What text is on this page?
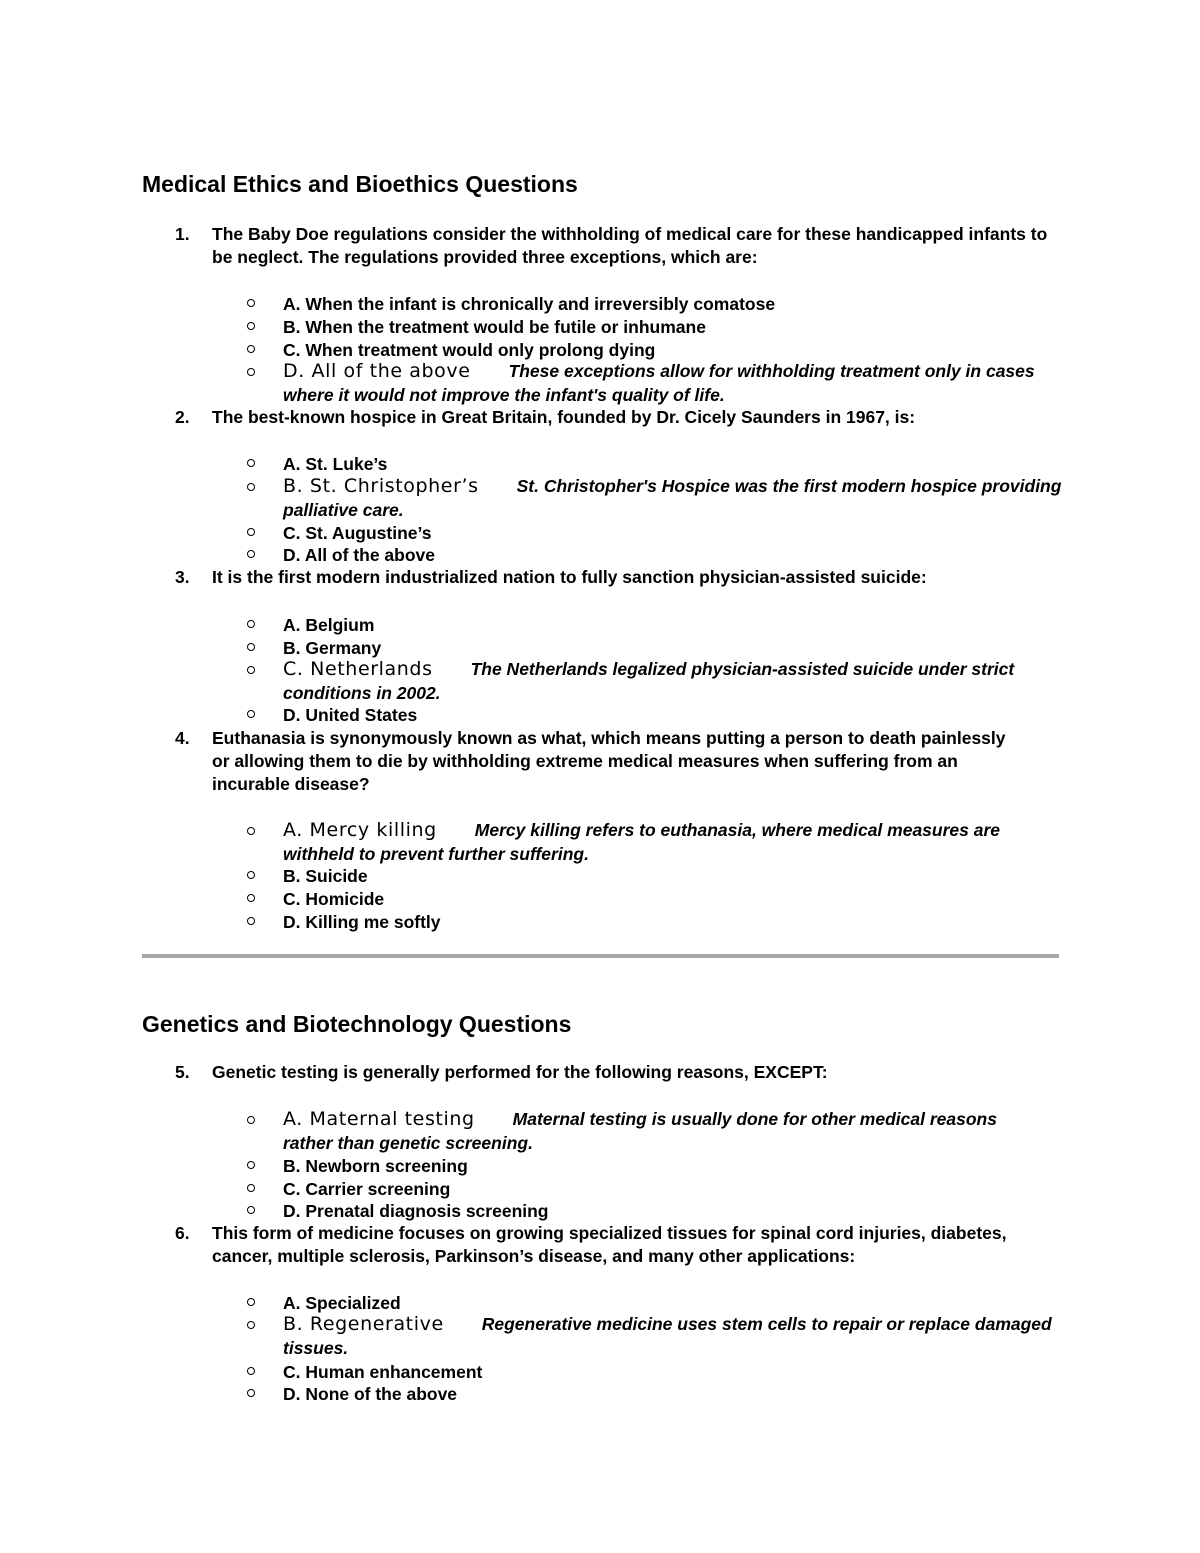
Medical Ethics and Bioethics Questions
1. The Baby Doe regulations consider the withholding of medical care for these handicapped infants to be neglect. The regulations provided three exceptions, which are:
A. When the infant is chronically and irreversibly comatose
B. When the treatment would be futile or inhumane
C. When treatment would only prolong dying
D. All of the above These exceptions allow for withholding treatment only in cases where it would not improve the infant's quality of life.
2. The best-known hospice in Great Britain, founded by Dr. Cicely Saunders in 1967, is:
A. St. Luke’s
B. St. Christopher’s St. Christopher's Hospice was the first modern hospice providing palliative care.
C. St. Augustine’s
D. All of the above
3. It is the first modern industrialized nation to fully sanction physician-assisted suicide:
A. Belgium
B. Germany
C. Netherlands The Netherlands legalized physician-assisted suicide under strict conditions in 2002.
D. United States
4. Euthanasia is synonymously known as what, which means putting a person to death painlessly or allowing them to die by withholding extreme medical measures when suffering from an incurable disease?
A. Mercy killing Mercy killing refers to euthanasia, where medical measures are withheld to prevent further suffering.
B. Suicide
C. Homicide
D. Killing me softly
Genetics and Biotechnology Questions
5. Genetic testing is generally performed for the following reasons, EXCEPT:
A. Maternal testing Maternal testing is usually done for other medical reasons rather than genetic screening.
B. Newborn screening
C. Carrier screening
D. Prenatal diagnosis screening
6. This form of medicine focuses on growing specialized tissues for spinal cord injuries, diabetes, cancer, multiple sclerosis, Parkinson’s disease, and many other applications:
A. Specialized
B. Regenerative Regenerative medicine uses stem cells to repair or replace damaged tissues.
C. Human enhancement
D. None of the above
